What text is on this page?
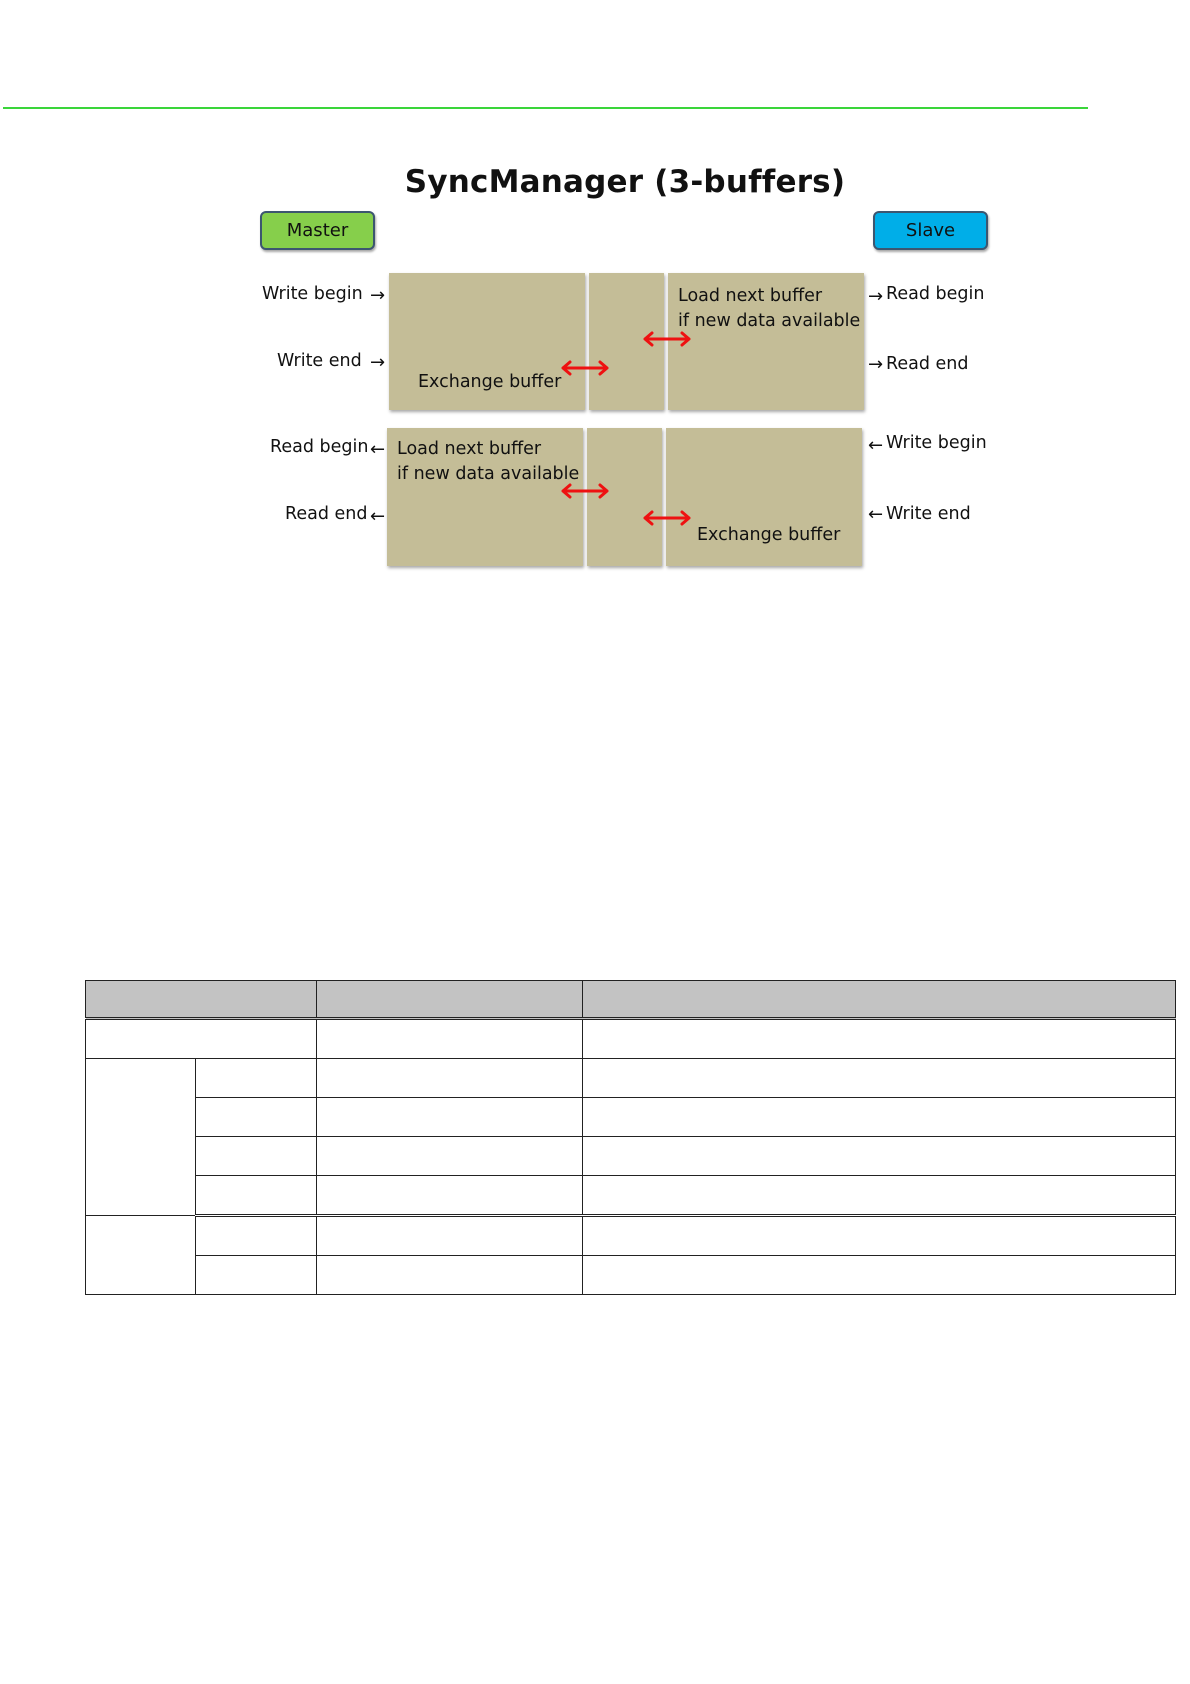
SyncManager (3-buffers)
Master	Slave
Write begin →
Write end →
→ Read begin
→ Read end
Exchange buffer
Load next buffer
if new data available
Read begin ←
Read end ←
← Write begin
← Write end
Load next buffer
if new data available
Exchange buffer
